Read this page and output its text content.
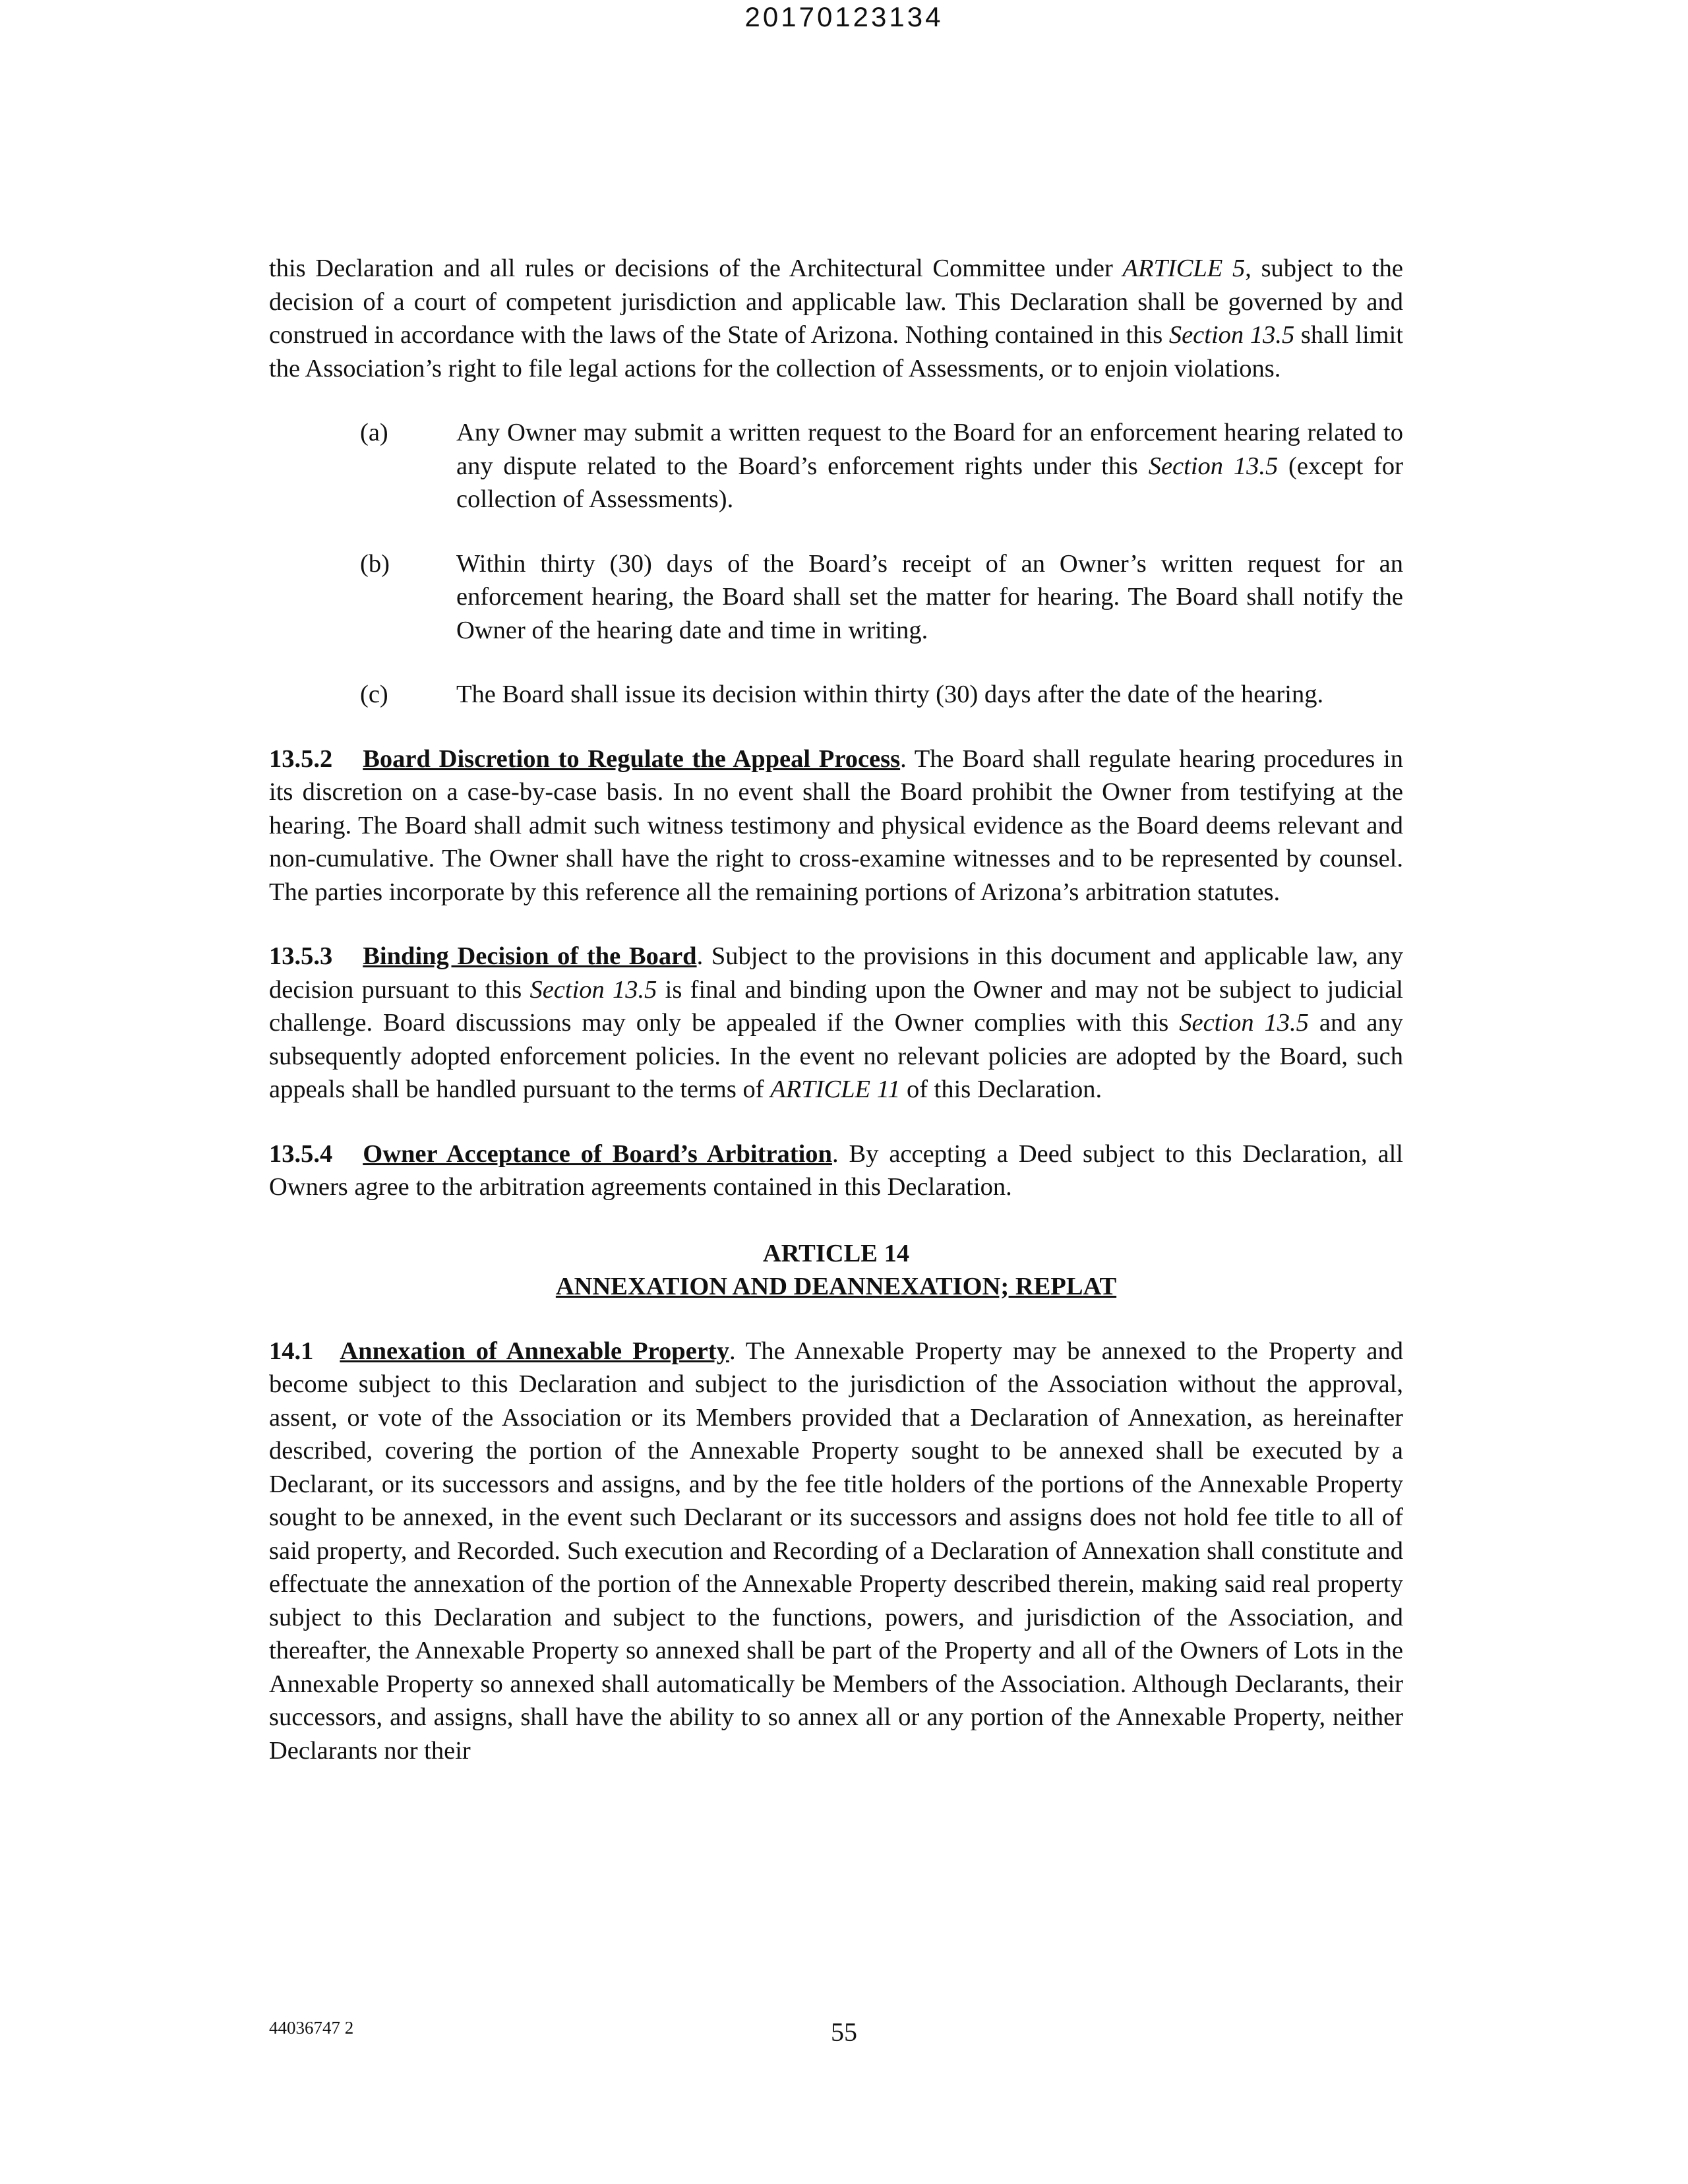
20170123134

this Declaration and all rules or decisions of the Architectural Committee under ARTICLE 5, subject to the decision of a court of competent jurisdiction and applicable law. This Declaration shall be governed by and construed in accordance with the laws of the State of Arizona. Nothing contained in this Section 13.5 shall limit the Association’s right to file legal actions for the collection of Assessments, or to enjoin violations.

(a)	Any Owner may submit a written request to the Board for an enforcement hearing related to any dispute related to the Board’s enforcement rights under this Section 13.5 (except for collection of Assessments).
(b)	Within thirty (30) days of the Board’s receipt of an Owner’s written request for an enforcement hearing, the Board shall set the matter for hearing. The Board shall notify the Owner of the hearing date and time in writing.
(c)	The Board shall issue its decision within thirty (30) days after the date of the hearing.

13.5.2 Board Discretion to Regulate the Appeal Process. The Board shall regulate hearing procedures in its discretion on a case-by-case basis. In no event shall the Board prohibit the Owner from testifying at the hearing. The Board shall admit such witness testimony and physical evidence as the Board deems relevant and non-cumulative. The Owner shall have the right to cross-examine witnesses and to be represented by counsel. The parties incorporate by this reference all the remaining portions of Arizona’s arbitration statutes.

13.5.3 Binding Decision of the Board. Subject to the provisions in this document and applicable law, any decision pursuant to this Section 13.5 is final and binding upon the Owner and may not be subject to judicial challenge. Board discussions may only be appealed if the Owner complies with this Section 13.5 and any subsequently adopted enforcement policies. In the event no relevant policies are adopted by the Board, such appeals shall be handled pursuant to the terms of ARTICLE 11 of this Declaration.

13.5.4 Owner Acceptance of Board’s Arbitration. By accepting a Deed subject to this Declaration, all Owners agree to the arbitration agreements contained in this Declaration.

ARTICLE 14
ANNEXATION AND DEANNEXATION; REPLAT

14.1 Annexation of Annexable Property. The Annexable Property may be annexed to the Property and become subject to this Declaration and subject to the jurisdiction of the Association without the approval, assent, or vote of the Association or its Members provided that a Declaration of Annexation, as hereinafter described, covering the portion of the Annexable Property sought to be annexed shall be executed by a Declarant, or its successors and assigns, and by the fee title holders of the portions of the Annexable Property sought to be annexed, in the event such Declarant or its successors and assigns does not hold fee title to all of said property, and Recorded. Such execution and Recording of a Declaration of Annexation shall constitute and effectuate the annexation of the portion of the Annexable Property described therein, making said real property subject to this Declaration and subject to the functions, powers, and jurisdiction of the Association, and thereafter, the Annexable Property so annexed shall be part of the Property and all of the Owners of Lots in the Annexable Property so annexed shall automatically be Members of the Association. Although Declarants, their successors, and assigns, shall have the ability to so annex all or any portion of the Annexable Property, neither Declarants nor their

44036747 2	55
